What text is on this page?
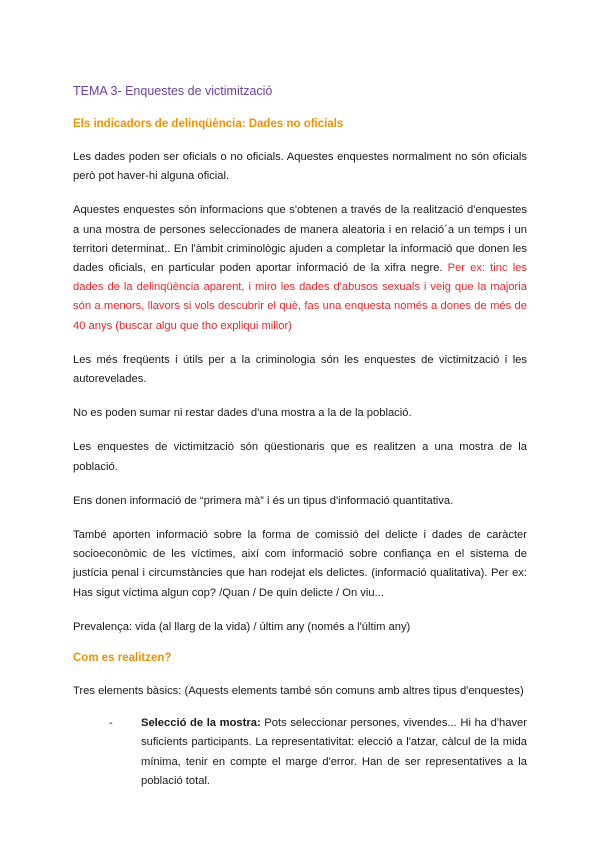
TEMA 3- Enquestes de victimització
Els indicadors de delinqüència: Dades no oficials

Les dades poden ser oficials o no oficials. Aquestes enquestes normalment no són oficials però pot haver-hi alguna oficial.

Aquestes enquestes són informacions que s'obtenen a través de la realització d'enquestes a una mostra de persones seleccionades de manera aleatoria i en relació´a un temps i un territori determinat.. En l'àmbit criminològic ajuden a completar la informació que donen les dades oficials, en particular poden aportar informació de la xifra negre. Per ex: tinc les dades de la delinqüència aparent, i miro les dades d'abusos sexuals i veig que la majoria són a menors, llavors si vols descubrir el què, fas una enquesta només a dones de més de 40 anys (buscar algu que tho expliqui millor)

Les més freqüents i útils per a la criminologia són les enquestes de victimització i les autorevelades.

No es poden sumar ni restar dades d'una mostra a la de la població.

Les enquestes de victimització són qüestionaris que es realitzen a una mostra de la població.

Ens donen informació de “primera mà” i és un tipus d'informació quantitativa.

També aporten informació sobre la forma de comissió del delicte i dades de caràcter socioeconòmic de les víctimes, així com informació sobre confiança en el sistema de justícia penal i circumstàncies que han rodejat els delictes. (informació qualitativa). Per ex: Has sigut víctima algun cop? /Quan / De quin delicte / On viu...

Prevalença: vida (al llarg de la vida) / últim any (només a l'últim any)

Com es realitzen?

Tres elements bàsics: (Aquests elements també són comuns amb altres tipus d'enquestes)

-	Selecció de la mostra: Pots seleccionar persones, vivendes... Hi ha d'haver suficients participants. La representativitat: elecció a l'atzar, càlcul de la mida mínima, tenir en compte el marge d'error. Han de ser representatives a la població total.
